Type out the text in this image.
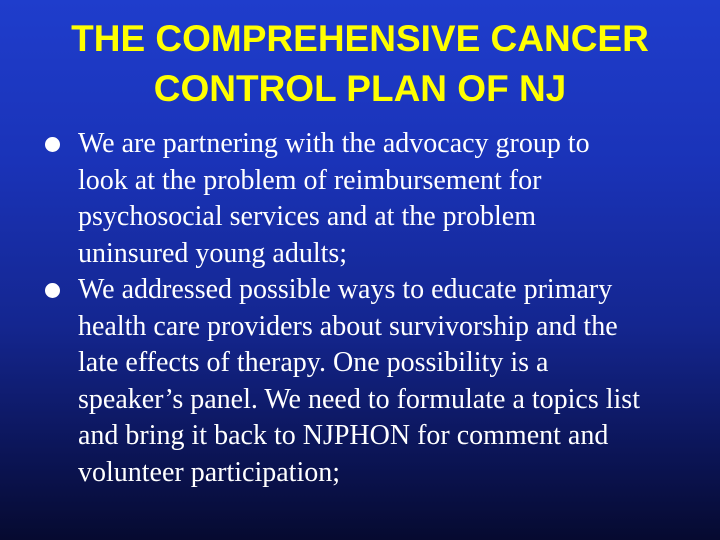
THE COMPREHENSIVE CANCER
CONTROL PLAN OF NJ
We are partnering with the advocacy group to
look at the problem of reimbursement for
psychosocial services and at the problem
uninsured young adults;
We addressed possible ways to educate primary
health care providers about survivorship and the
late effects of therapy. One possibility is a
speaker’s panel. We need to formulate a topics list
and bring it back to NJPHON for comment and
volunteer participation;
